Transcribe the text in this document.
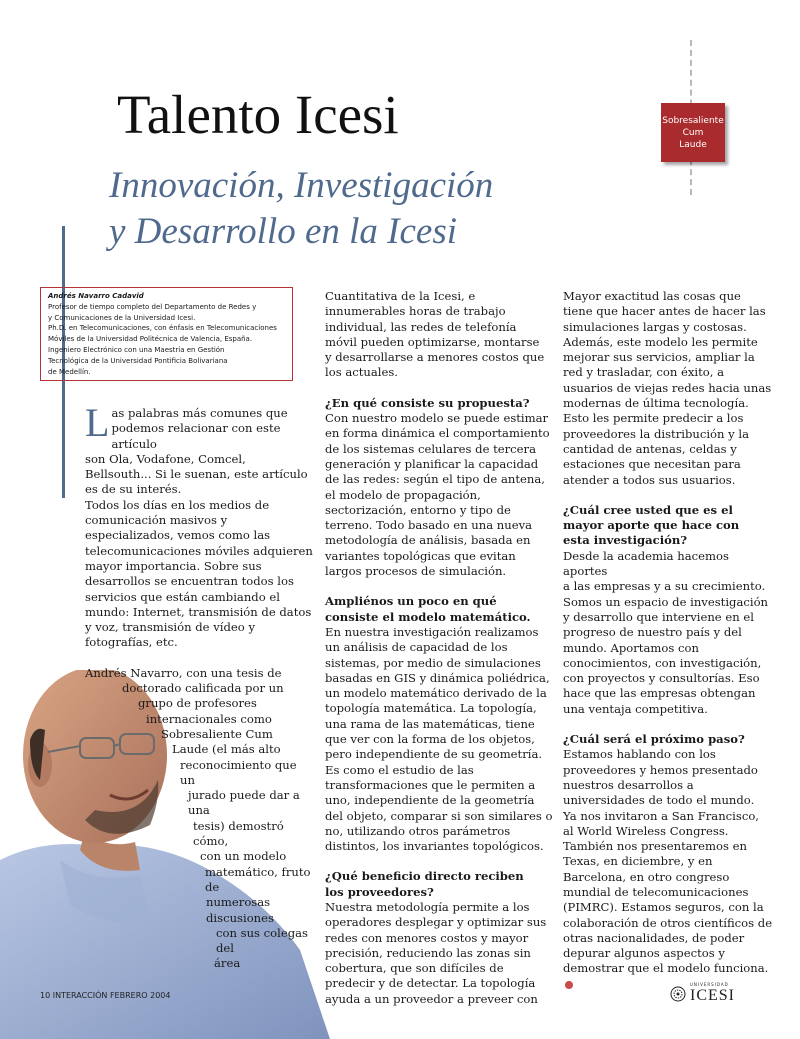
Talento Icesi
Innovación, Investigación
y Desarrollo en la Icesi
Sobresaliente
Cum
Laude
Andrés Navarro Cadavid
Profesor de tiempo completo del Departamento de Redes y
y Comunicaciones de la Universidad Icesi.
Ph.D. en Telecomunicaciones, con énfasis en Telecomunicaciones
Móviles de la Universidad Politécnica de Valencia, España.
Ingeniero Electrónico con una Maestría en Gestión
Tecnológica de la Universidad Pontificia Bolivariana
de Medellín.
L as palabras más comunes que
podemos relacionar con este artículo
son Ola, Vodafone, Comcel,
Bellsouth... Si le suenan, este artículo
es de su interés.
Todos los días en los medios de
comunicación masivos y
especializados, vemos como las
telecomunicaciones móviles adquieren
mayor importancia. Sobre sus
desarrollos se encuentran todos los
servicios que están cambiando el
mundo: Internet, transmisión de datos
y voz, transmisión de vídeo y
fotografías, etc.
Andrés Navarro, con una tesis de
doctorado calificada por un
grupo de profesores
internacionales como
Sobresaliente Cum
Laude (el más alto
reconocimiento que un
jurado puede dar a una
tesis) demostró cómo,
con un modelo
matemático, fruto de
numerosas discusiones
con sus colegas del
área
Cuantitativa de la Icesi, e
innumerables horas de trabajo
individual, las redes de telefonía
móvil pueden optimizarse, montarse
y desarrollarse a menores costos que
los actuales.
¿En qué consiste su propuesta?
Con nuestro modelo se puede estimar
en forma dinámica el comportamiento
de los sistemas celulares de tercera
generación y planificar la capacidad
de las redes: según el tipo de antena,
el modelo de propagación,
sectorización, entorno y tipo de
terreno. Todo basado en una nueva
metodología de análisis, basada en
variantes topológicas que evitan
largos procesos de simulación.
Ampliénos un poco en qué
consiste el modelo matemático.
En nuestra investigación realizamos
un análisis de capacidad de los
sistemas, por medio de simulaciones
basadas en GIS y dinámica poliédrica,
un modelo matemático derivado de la
topología matemática. La topología,
una rama de las matemáticas, tiene
que ver con la forma de los objetos,
pero independiente de su geometría.
Es como el estudio de las
transformaciones que le permiten a
uno, independiente de la geometría
del objeto, comparar si son similares o
no, utilizando otros parámetros
distintos, los invariantes topológicos.
¿Qué beneficio directo reciben
los proveedores?
Nuestra metodología permite a los
operadores desplegar y optimizar sus
redes con menores costos y mayor
precisión, reduciendo las zonas sin
cobertura, que son difíciles de
predecir y de detectar. La topología
ayuda a un proveedor a preveer con
Mayor exactitud las cosas que
tiene que hacer antes de hacer las
simulaciones largas y costosas.
Además, este modelo les permite
mejorar sus servicios, ampliar la
red y trasladar, con éxito, a
usuarios de viejas redes hacia unas
modernas de última tecnología.
Esto les permite predecir a los
proveedores la distribución y la
cantidad de antenas, celdas y
estaciones que necesitan para
atender a todos sus usuarios.
¿Cuál cree usted que es el
mayor aporte que hace con
esta investigación?
Desde la academia hacemos aportes
a las empresas y a su crecimiento.
Somos un espacio de investigación
y desarrollo que interviene en el
progreso de nuestro país y del
mundo. Aportamos con
conocimientos, con investigación,
con proyectos y consultorías. Eso
hace que las empresas obtengan
una ventaja competitiva.
¿Cuál será el próximo paso?
Estamos hablando con los
proveedores y hemos presentado
nuestros desarrollos a
universidades de todo el mundo.
Ya nos invitaron a San Francisco,
al World Wireless Congress.
También nos presentaremos en
Texas, en diciembre, y en
Barcelona, en otro congreso
mundial de telecomunicaciones
(PIMRC). Estamos seguros, con la
colaboración de otros científicos de
otras nacionalidades, de poder
depurar algunos aspectos y
demostrar que el modelo funciona.
10 INTERACCIÓN FEBRERO 2004
UNIVERSIDAD
ICESI
